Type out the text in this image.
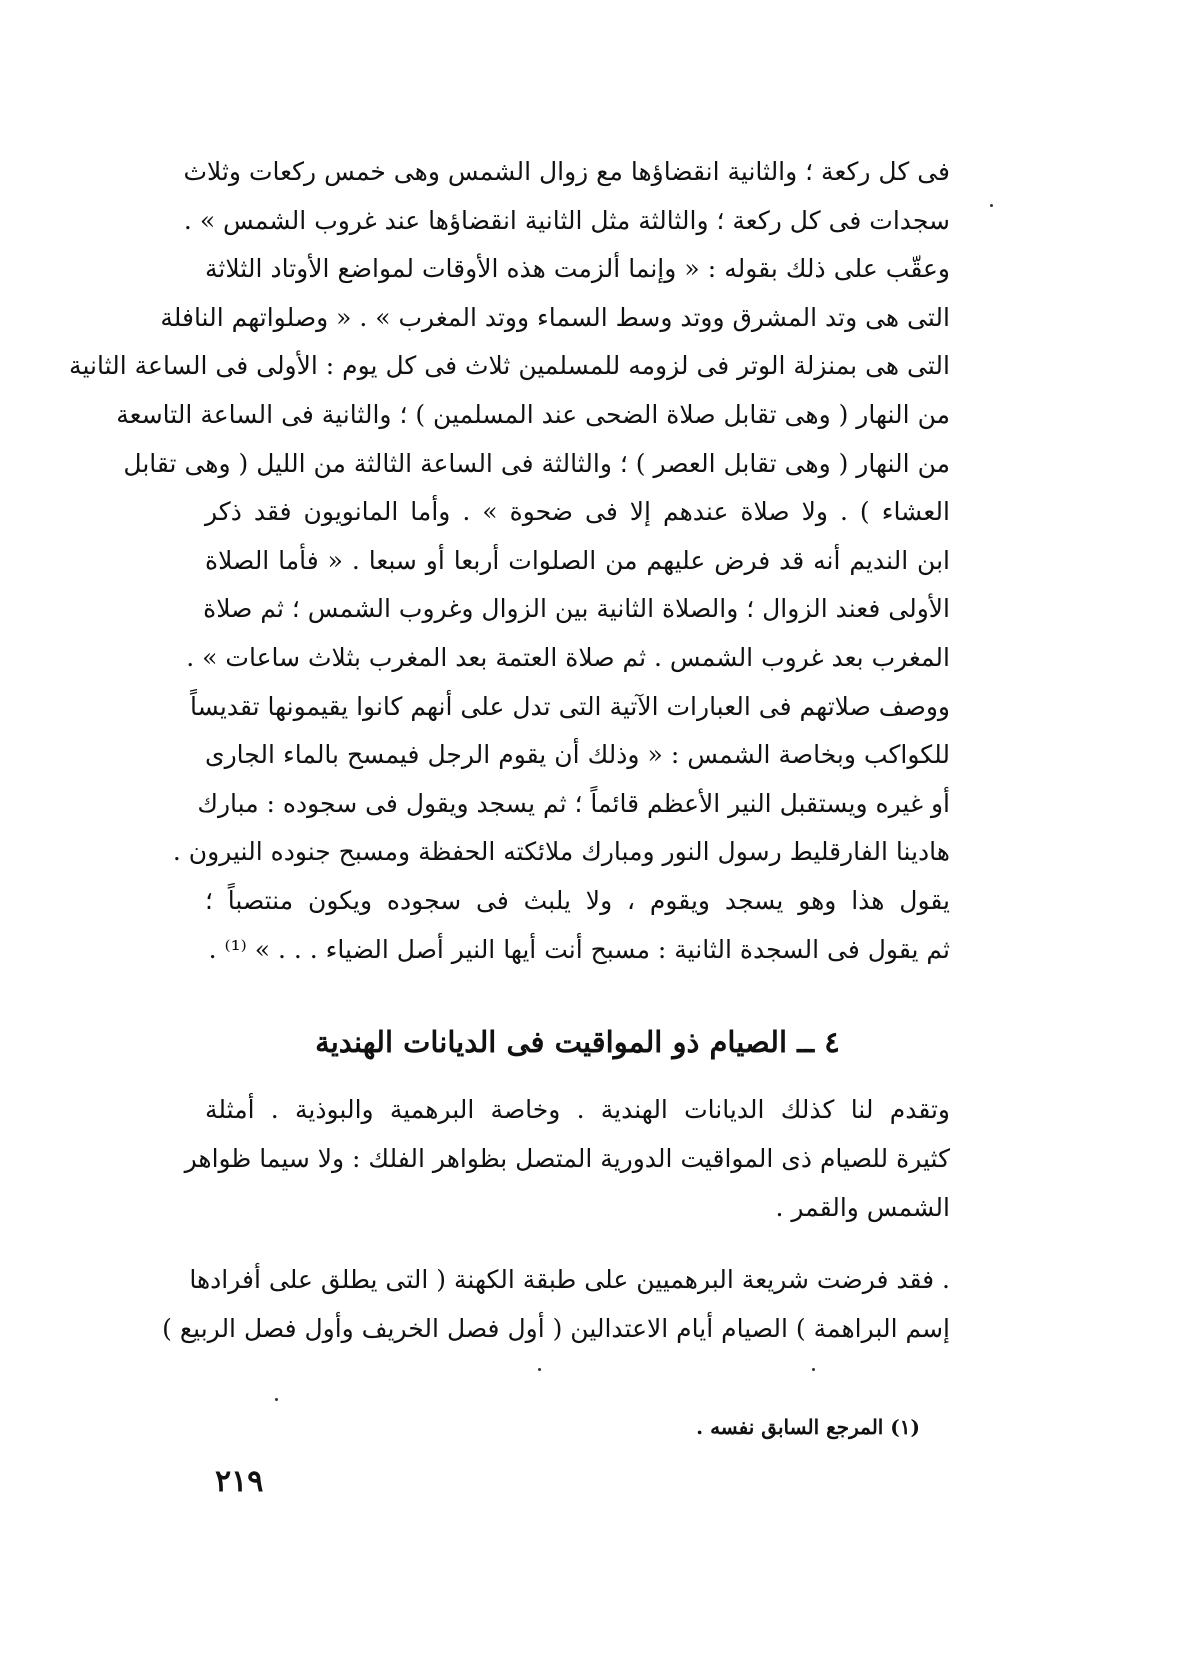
فى كل ركعة ؛ والثانية انقضاؤها مع زوال الشمس وهى خمس ركعات وثلاث
سجدات فى كل ركعة ؛ والثالثة مثل الثانية انقضاؤها عند غروب الشمس » .
وعقّب على ذلك بقوله : « وإنما ألزمت هذه الأوقات لمواضع الأوتاد الثلاثة
التى هى وتد المشرق ووتد وسط السماء ووتد المغرب » . « وصلواتهم النافلة
التى هى بمنزلة الوتر فى لزومه للمسلمين ثلاث فى كل يوم : الأولى فى الساعة الثانية
من النهار ( وهى تقابل صلاة الضحى عند المسلمين ) ؛ والثانية فى الساعة التاسعة
من النهار ( وهى تقابل العصر ) ؛ والثالثة فى الساعة الثالثة من الليل ( وهى تقابل
العشاء ) . ولا صلاة عندهم إلا فى ضحوة » . وأما المانويون فقد ذكر
ابن النديم أنه قد فرض عليهم من الصلوات أربعا أو سبعا . « فأما الصلاة
الأولى فعند الزوال ؛ والصلاة الثانية بين الزوال وغروب الشمس ؛ ثم صلاة
المغرب بعد غروب الشمس . ثم صلاة العتمة بعد المغرب بثلاث ساعات » .
ووصف صلاتهم فى العبارات الآتية التى تدل على أنهم كانوا يقيمونها تقديساً
للكواكب وبخاصة الشمس : « وذلك أن يقوم الرجل فيمسح بالماء الجارى
أو غيره ويستقبل النير الأعظم قائماً ؛ ثم يسجد ويقول فى سجوده : مبارك
هادينا الفارقليط رسول النور ومبارك ملائكته الحفظة ومسبح جنوده النيرون .
يقول هذا وهو يسجد ويقوم ، ولا يلبث فى سجوده ويكون منتصباً ؛
ثم يقول فى السجدة الثانية : مسبح أنت أيها النير أصل الضياء . . . » ⁽¹⁾ .
٤ ــ الصيام ذو المواقيت فى الديانات الهندية
وتقدم لنا كذلك الديانات الهندية . وخاصة البرهمية والبوذية . أمثلة
كثيرة للصيام ذى المواقيت الدورية المتصل بظواهر الفلك : ولا سيما ظواهر
الشمس والقمر .
. فقد فرضت شريعة البرهميين على طبقة الكهنة ( التى يطلق على أفرادها
إسم البراهمة ) الصيام أيام الاعتدالين ( أول فصل الخريف وأول فصل الربيع )
(١) المرجع السابق نفسه .
٢١٩
